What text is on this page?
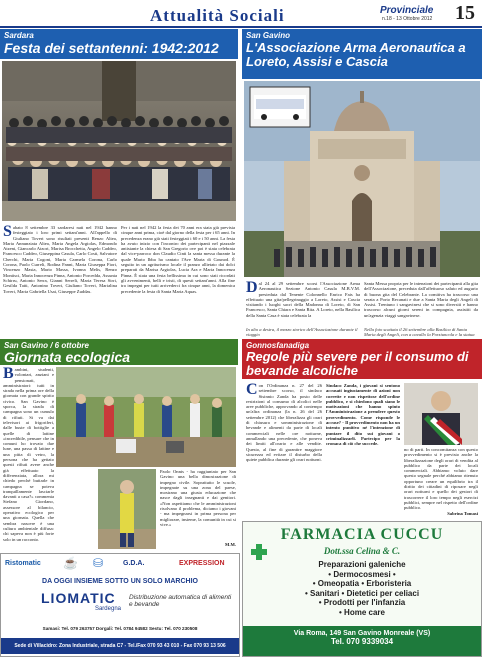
Attualità Sociali	Provinciale
n.18 - 13 Ottobre 2012 15
Sardara
Festa dei settantenni: 1942:2012
Sabato 8 settembre 33 sardaresi nati nel 1942 hanno festeggiato i loro primi settant'anni. All'appello di Giuliano Toveri sono risultati presenti Renzo Altea, Maria Annunziata Altea, Maria Angela Argiolas, Edmondo Atzeni, Giancarlo Atzori, Marisa Brocchetta, Angelo Caddeo, Francesco Caddeo, Giuseppina Casula, Carlo Costi, Salvatore Cherchi, Maria Cogoni, Maria Carmela Corona, Carlo Corona, Paolo Curreli, Rodina Fanni, Maria Giuseppa Fiori, Vincenzo Masia, Mario Massa, Ivonna Melis, Renzo Montisci, Maria Innocenza Pinna, Antonio Porcedda, Assunta Schirru, Antonio Serra, Gianni Serreli, Maria Teresa Sirri, Gesilda Tatti, Antonino Toveri, Giuliano Toveri, Marialina Toveri, Maria Gabriella Usai, Giuseppe Zuddas.
Per i nati nel 1942 la festa dei 70 anni era stata già prevista cinque anni prima, cioè dal giorno della festa per i 65 anni. In precedenza erano già stati festeggiati i 60 e i 50 anni. La festa ha avuto inizio con l'incontro dei partecipanti nel piazzale antistante la chiesa di San Gregorio ove poi è stata celebrata dal vice-parroco don Claudio Cinti la santa messa durante la quale Mario Ibba ha cantato l'Ave Maria di Gounod. È seguito in un agriturismo locale il pranzo allietato dai dolci preparati da Marisa Argiolas, Lucia Ara e Maria Innocenza Pinna. È stata una festa bellissima in cui sono stati ricordati gli avvenimenti, belli e tristi, di questi settant'anni. Alla fine tra impegni per tutti arrivederci fra cinque anni, la domenica precedente la festa di Santa Maria Aquas.
San Gavino
L'Associazione Arma Aeronautica a Loreto, Assisi e Cascia
Dal 24 al 29 settembre scorsi l'Associazione Arma Aeronautica Sezione Antonio Casula M.B.V.M. presieduta dal Tenente Colonnello Enrico Fais ha effettuato una gita/pellegrinaggio a Loreto, Assisi e Cascia visitando i luoghi sacri della Madonna di Loreto, di San Francesco, Santa Chiara e Santa Rita. A Loreto, nella Basilica della Santa Casa è stata celebrata la
Santa Messa propria per le intenzioni dei partecipanti alla gita dell'Associazione, preceduta dall'affettuoso saluto ed augurio di buona gita del Celebrante. La comitiva ha trascorso una serata a Porto Recanati e due a Santa Maria degli Angeli di Assisi. Trentuno i sangavinesi che si sono diversiti e hanno trascorso alcuni giorni sereni in compagnia, assistiti da un'agenzia viaggi sangavinese.
In alto a destra, il mezzo storico dell'Associazione durante il viaggio
Nella foto scattata il 26 settembre alla Basilica di Santa Maria degli Angeli, con a cavallo la Porziuncola e la statua
San Gavino / 6 ottobre
Giornata ecologica
Bambini, studenti, volontari, anziani e pensionati, amministratori: tutti in strada nella prima ore della giornata con grande spirito civico. San Gavino è sporca, la strada di campagna sono un cumulo di rifiuti. Si va dai televisori ai frigoriferi, dalle buste di bottiglie a quelle di lattine «incredibile, pensare che in comuni ho trovato due lune, una passa di lattine e una pitta di vetro, la persona che ha gettato questi rifiuti avere anche già effettuato la differenziata, allora mi chiedo perché buttarle in campagna se poteva tranquillamente lasciarle davanti a casa?» commenta Stefano Giordano, assessore al bilancio, operativo ecologico per una giornata. Quella che sembra nascere è una cultura ambientale diffusa: chi sapeva non è più forte solo in un racconto.
Paolo Onnis - ha raggiuntato per San Gavino una bella dimostrazione di impegno civile. Soprattutto le scuole, impegnate su una zona del paese, mostrano una giusta educazione che nasce dagli insegnanti e dai genitori. «Non aspettiamo che le amministrazioni risolvano il problema, diciamo i giovani - ma impegnarsi in prima persona per migliorare, insieme, la comunità in cui si vive.»
M.M.
Gonnosfanadiga
Regole più severe per il consumo di bevande alcoliche
Con l'Ordinanza n. 27 del 26 settembre scorso, il sindaco Sisinnio Zanda ha posto delle restrizioni al consumo di alcolici nelle aree pubbliche, approvando al contempo un'altra ordinanza (la n. 26 del 26 settembre 2012) che liberalizza gli orari di chiusura e somministrazione di bevande e alimenti da parte di locali commerciali nelle ore notturne, annullando una precedente, che poneva dei limiti all'orario e alle vendite. Questo, al fine di garantire maggiore sicurezza ed evitare il disturbo della quiete pubblica durante gli orari notturni.
Sindaco Zanda, i giovani si sentono accusati ingiustamente di azioni non corrette e non rispettose dell'ordine pubblico, e si chiedono quali siano le motivazioni che hanno spinto l'Amministrazione a prendere questo provvedimento. Come risponde le accuse? - Il provvedimento non ha un intento punitivo né l'intenzione di puntare il dito sui giovani o criminalizzarli. Partecipo per la cronaca di ciò che succede.
no di parti. In concomitanza con questo provvedimento si è previsto anche la liberalizzazione degli orari di vendita al pubblico da parte dei locali commerciali. Abbiamo voluto dare questo segnale perché abbiamo ritenuto opportuno creare un equilibrio tra il diritto dei cittadini di riposare negli orari notturni e quello dei gestori di trascorrere il loro tempo negli esercizi pubblici, sempre nel rispetto dell'ordine pubblico.
Sabrina Tomasi
Ristomatic ☕ ⛁	G.D.A.	EXPRESSION
DA OGGI INSIEME SOTTO UN SOLO MARCHIO
LIOMATIC
Sardegna
Distribuzione automatica di alimenti e bevande
Samasi: Tel. 079 263757 Dorgali: Tel. 0784 94582 Sestu: Tel. 070 230508
Sede di Villacidro: Zona Industriale, strada C7 - Tel./Fax 070 93 43 010 - Fax 070 93 13 506
FARMACIA CUCCU
Dott.ssa Celina & C.
Preparazioni galeniche
• Dermocosmesi •
• Omeopatia • Erboristeria
• Sanitari • Dietetici per celiaci
• Prodotti per l'infanzia
• Home care
Via Roma, 149 San Gavino Monreale (VS)
Tel. 070 9339034
